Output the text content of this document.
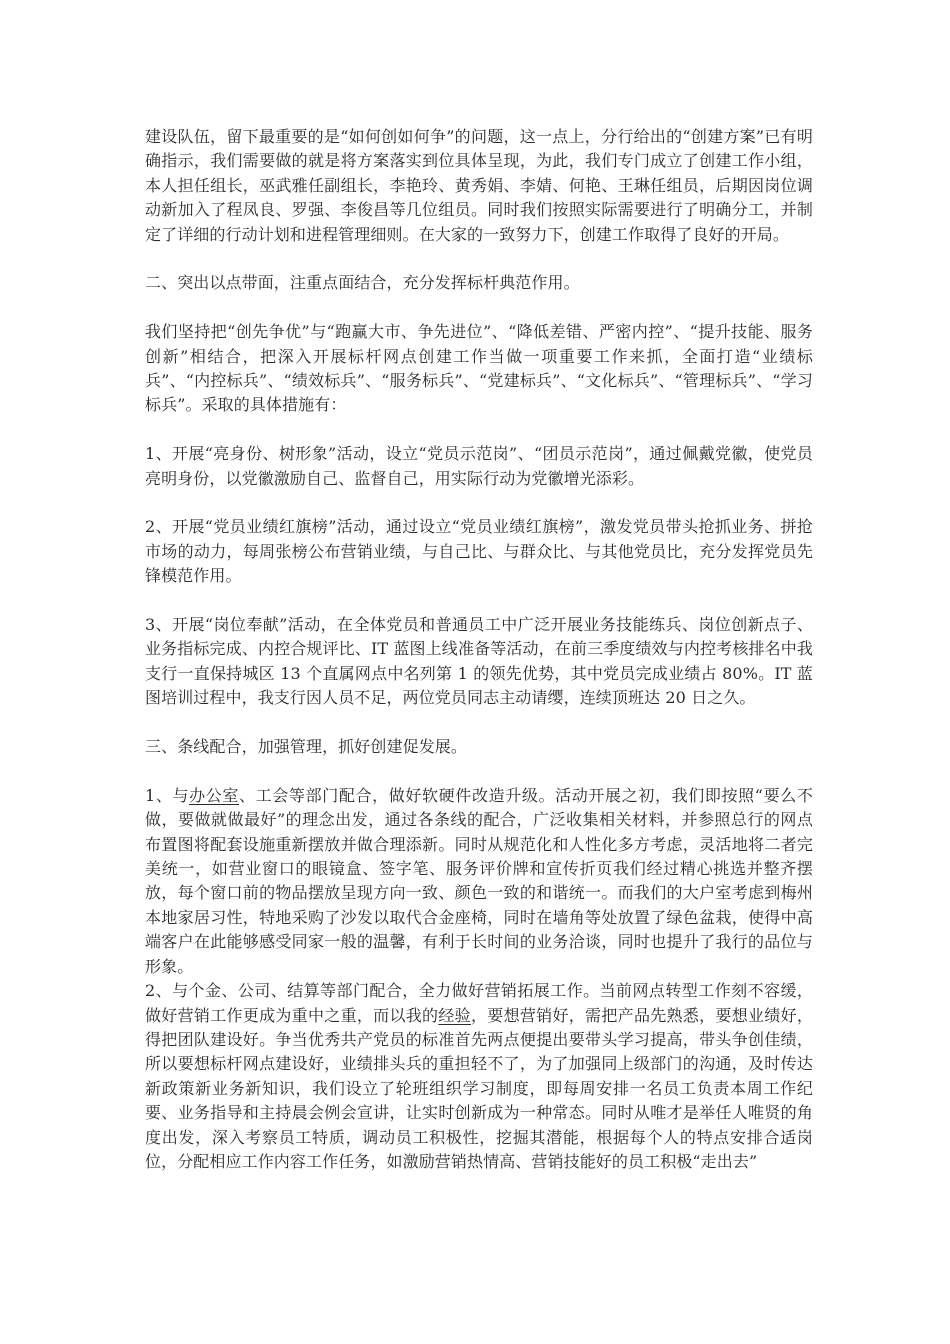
建设队伍，留下最重要的是“如何创如何争”的问题，这一点上，分行给出的“创建方案”已有明确指示，我们需要做的就是将方案落实到位具体呈现，为此，我们专门成立了创建工作小组，本人担任组长，巫武雅任副组长，李艳玲、黄秀娟、李婧、何艳、王琳任组员，后期因岗位调动新加入了程凤良、罗强、李俊昌等几位组员。同时我们按照实际需要进行了明确分工，并制定了详细的行动计划和进程管理细则。在大家的一致努力下，创建工作取得了良好的开局。

二、突出以点带面，注重点面结合，充分发挥标杆典范作用。

我们坚持把“创先争优”与“跑赢大市、争先进位”、“降低差错、严密内控”、“提升技能、服务创新”相结合，把深入开展标杆网点创建工作当做一项重要工作来抓，全面打造“业绩标兵”、“内控标兵”、“绩效标兵”、“服务标兵”、“党建标兵”、“文化标兵”、“管理标兵”、“学习标兵”。采取的具体措施有：

1、开展“亮身份、树形象”活动，设立“党员示范岗”、“团员示范岗”，通过佩戴党徽，使党员亮明身份，以党徽激励自己、监督自己，用实际行动为党徽增光添彩。

2、开展“党员业绩红旗榜”活动，通过设立“党员业绩红旗榜”，激发党员带头抢抓业务、拼抢市场的动力，每周张榜公布营销业绩，与自己比、与群众比、与其他党员比，充分发挥党员先锋模范作用。

3、开展“岗位奉献”活动，在全体党员和普通员工中广泛开展业务技能练兵、岗位创新点子、业务指标完成、内控合规评比、IT 蓝图上线准备等活动，在前三季度绩效与内控考核排名中我支行一直保持城区 13 个直属网点中名列第 1 的领先优势，其中党员完成业绩占 80%。IT 蓝图培训过程中，我支行因人员不足，两位党员同志主动请缨，连续顶班达 20 日之久。

三、条线配合，加强管理，抓好创建促发展。

1、与办公室、工会等部门配合，做好软硬件改造升级。活动开展之初，我们即按照“要么不做，要做就做最好”的理念出发，通过各条线的配合，广泛收集相关材料，并参照总行的网点布置图将配套设施重新摆放并做合理添新。同时从规范化和人性化多方考虑，灵活地将二者完美统一，如营业窗口的眼镜盒、签字笔、服务评价牌和宣传折页我们经过精心挑选并整齐摆放，每个窗口前的物品摆放呈现方向一致、颜色一致的和谐统一。而我们的大户室考虑到梅州本地家居习性，特地采购了沙发以取代合金座椅，同时在墙角等处放置了绿色盆栽，使得中高端客户在此能够感受同家一般的温馨，有利于长时间的业务洽谈，同时也提升了我行的品位与形象。

2、与个金、公司、结算等部门配合，全力做好营销拓展工作。当前网点转型工作刻不容缓，做好营销工作更成为重中之重，而以我的经验，要想营销好，需把产品先熟悉，要想业绩好，得把团队建设好。争当优秀共产党员的标准首先两点便提出要带头学习提高，带头争创佳绩，所以要想标杆网点建设好，业绩排头兵的重担轻不了，为了加强同上级部门的沟通，及时传达新政策新业务新知识，我们设立了轮班组织学习制度，即每周安排一名员工负责本周工作纪要、业务指导和主持晨会例会宣讲，让实时创新成为一种常态。同时从唯才是举任人唯贤的角度出发，深入考察员工特质，调动员工积极性，挖掘其潜能，根据每个人的特点安排合适岗位，分配相应工作内容工作任务，如激励营销热情高、营销技能好的员工积极“走出去”
